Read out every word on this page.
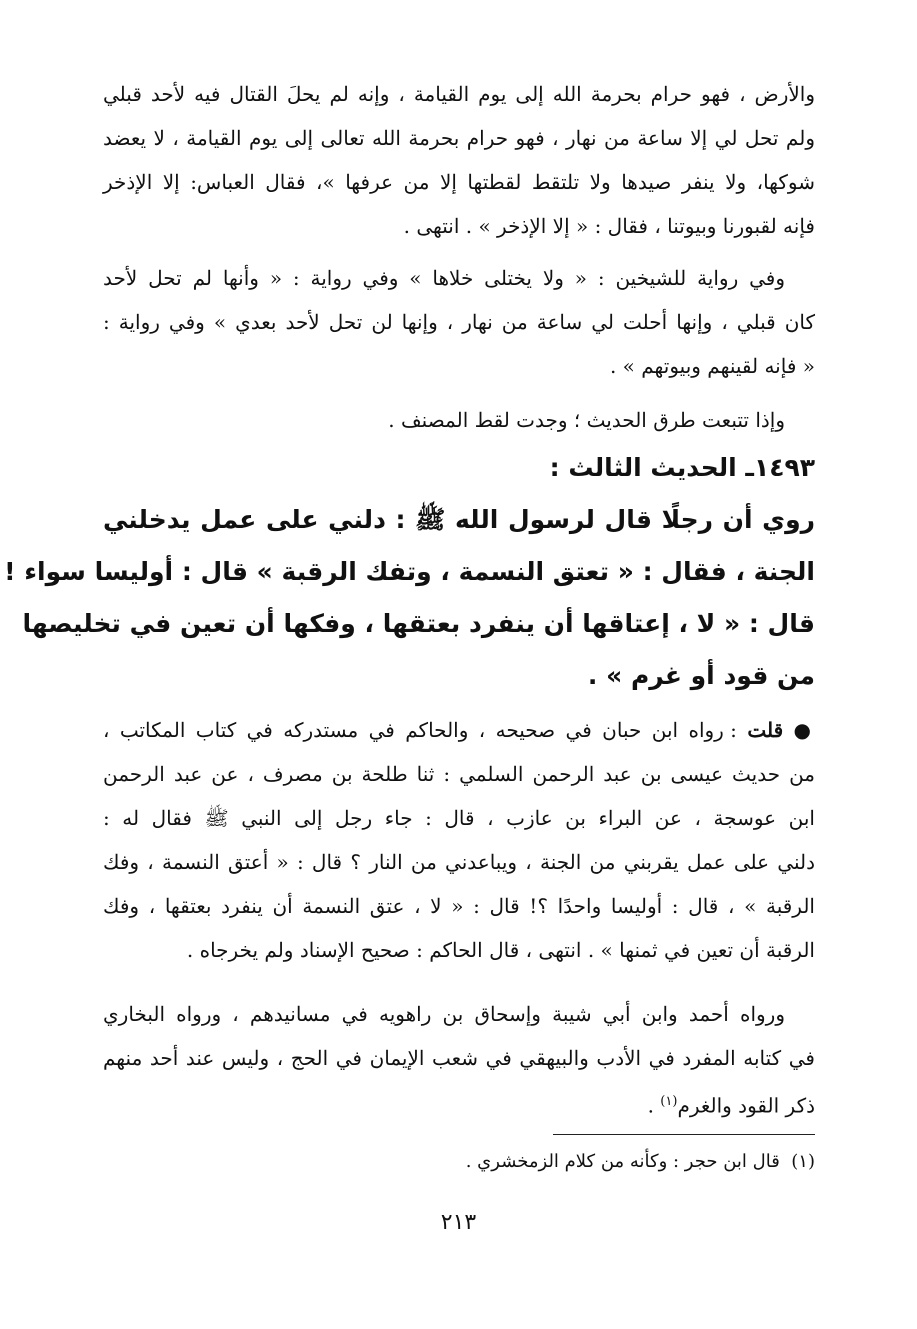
والأرض ، فهو حرام بحرمة الله إلى يوم القيامة ، وإنه لم يحلَ القتال فيه لأحد قبلي
ولم تحل لي إلا ساعة من نهار ، فهو حرام بحرمة الله تعالى إلى يوم القيامة ، لا يعضد
شوكها، ولا ينفر صيدها ولا تلتقط لقطتها إلا من عرفها »، فقال العباس: إلا الإذخر
فإنه لقبورنا وبيوتنا ، فقال : « إلا الإذخر » . انتهى .
وفي رواية للشيخين : « ولا يختلى خلاها » وفي رواية : « وأنها لم تحل لأحد
كان قبلي ، وإنها أحلت لي ساعة من نهار ، وإنها لن تحل لأحد بعدي » وفي رواية :
« فإنه لقينهم وبيوتهم » .
وإذا تتبعت طرق الحديث ؛ وجدت لقط المصنف .
١٤٩٣ـ الحديث الثالث :
روي أن رجلًا قال لرسول الله ﷺ : دلني على عمل يدخلني
الجنة ، فقال : « تعتق النسمة ، وتفك الرقبة » قال : أوليسا سواء !
قال : « لا ، إعتاقها أن ينفرد بعتقها ، وفكها أن تعين في تخليصها
من قود أو غرم » .
● قلت : رواه ابن حبان في صحيحه ، والحاكم في مستدركه في كتاب المكاتب ،
من حديث عيسى بن عبد الرحمن السلمي : ثنا طلحة بن مصرف ، عن عبد الرحمن
ابن عوسجة ، عن البراء بن عازب ، قال : جاء رجل إلى النبي ﷺ فقال له :
دلني على عمل يقربني من الجنة ، ويباعدني من النار ؟ قال : « أعتق النسمة ، وفك
الرقبة » ، قال : أوليسا واحدًا ؟! قال : « لا ، عتق النسمة أن ينفرد بعتقها ، وفك
الرقبة أن تعين في ثمنها » . انتهى ، قال الحاكم : صحيح الإسناد ولم يخرجاه .
ورواه أحمد وابن أبي شيبة وإسحاق بن راهويه في مسانيدهم ، ورواه البخاري
في كتابه المفرد في الأدب والبيهقي في شعب الإيمان في الحج ، وليس عند أحد منهم
ذكر القود والغرم$^{(١)}$ .
(١)  قال ابن حجر : وكأنه من كلام الزمخشري .
٢١٣
